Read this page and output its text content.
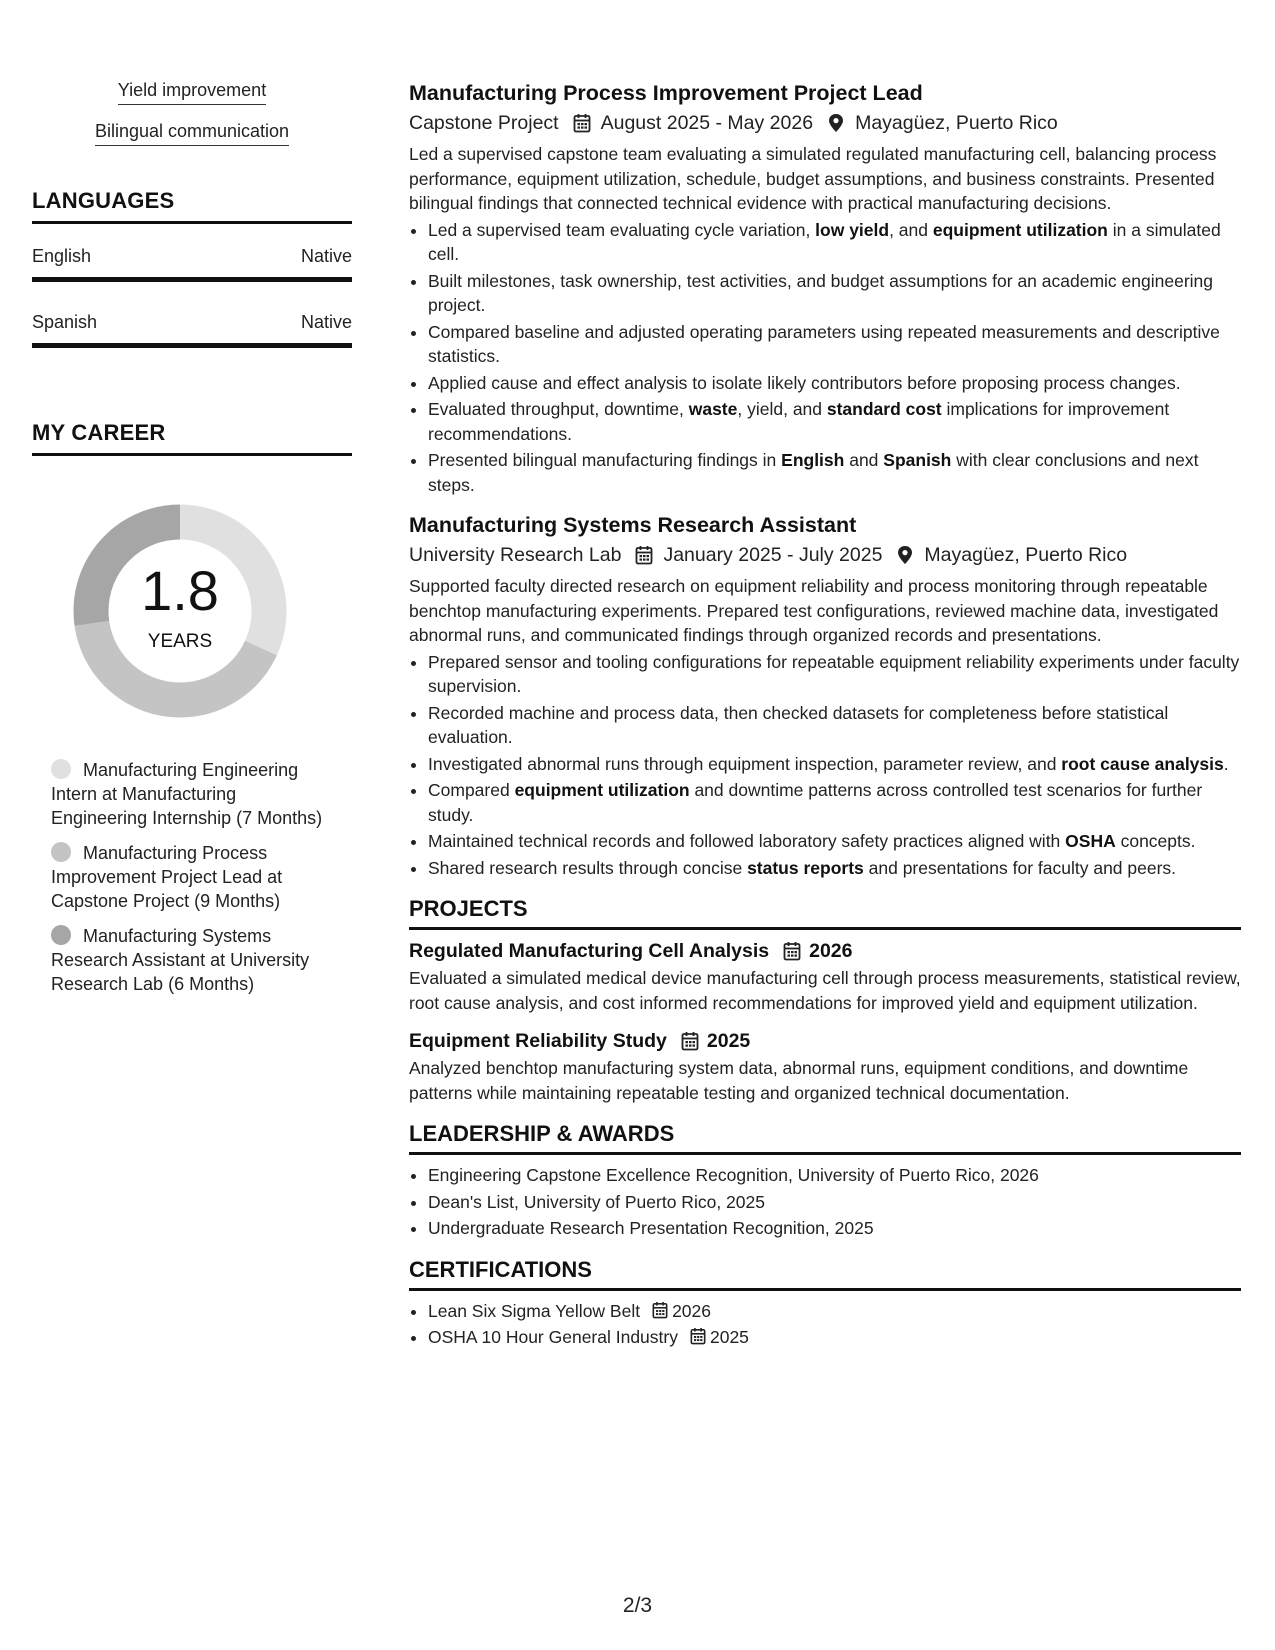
Yield improvement
Bilingual communication
LANGUAGES
English	Native
Spanish	Native
MY CAREER
1.8
YEARS
Manufacturing Engineering Intern at Manufacturing Engineering Internship (7 Months)
Manufacturing Process Improvement Project Lead at Capstone Project (9 Months)
Manufacturing Systems Research Assistant at University Research Lab (6 Months)
Manufacturing Process Improvement Project Lead
Capstone Project August 2025 - May 2026 Mayagüez, Puerto Rico

Led a supervised capstone team evaluating a simulated regulated manufacturing cell, balancing process performance, equipment utilization, schedule, budget assumptions, and business constraints. Presented bilingual findings that connected technical evidence with practical manufacturing decisions.

• Led a supervised team evaluating cycle variation, low yield, and equipment utilization in a simulated cell.
• Built milestones, task ownership, test activities, and budget assumptions for an academic engineering project.
• Compared baseline and adjusted operating parameters using repeated measurements and descriptive statistics.
• Applied cause and effect analysis to isolate likely contributors before proposing process changes.
• Evaluated throughput, downtime, waste, yield, and standard cost implications for improvement recommendations.
• Presented bilingual manufacturing findings in English and Spanish with clear conclusions and next steps.
Manufacturing Systems Research Assistant
University Research Lab January 2025 - July 2025 Mayagüez, Puerto Rico

Supported faculty directed research on equipment reliability and process monitoring through repeatable benchtop manufacturing experiments. Prepared test configurations, reviewed machine data, investigated abnormal runs, and communicated findings through organized records and presentations.

• Prepared sensor and tooling configurations for repeatable equipment reliability experiments under faculty supervision.
• Recorded machine and process data, then checked datasets for completeness before statistical evaluation.
• Investigated abnormal runs through equipment inspection, parameter review, and root cause analysis.
• Compared equipment utilization and downtime patterns across controlled test scenarios for further study.
• Maintained technical records and followed laboratory safety practices aligned with OSHA concepts.
• Shared research results through concise status reports and presentations for faculty and peers.
PROJECTS
Regulated Manufacturing Cell Analysis 2026

Evaluated a simulated medical device manufacturing cell through process measurements, statistical review, root cause analysis, and cost informed recommendations for improved yield and equipment utilization.

Equipment Reliability Study 2025

Analyzed benchtop manufacturing system data, abnormal runs, equipment conditions, and downtime patterns while maintaining repeatable testing and organized technical documentation.

LEADERSHIP & AWARDS
• Engineering Capstone Excellence Recognition, University of Puerto Rico, 2026
• Dean's List, University of Puerto Rico, 2025
• Undergraduate Research Presentation Recognition, 2025
CERTIFICATIONS
• Lean Six Sigma Yellow Belt 2026
• OSHA 10 Hour General Industry 2025
2/3
